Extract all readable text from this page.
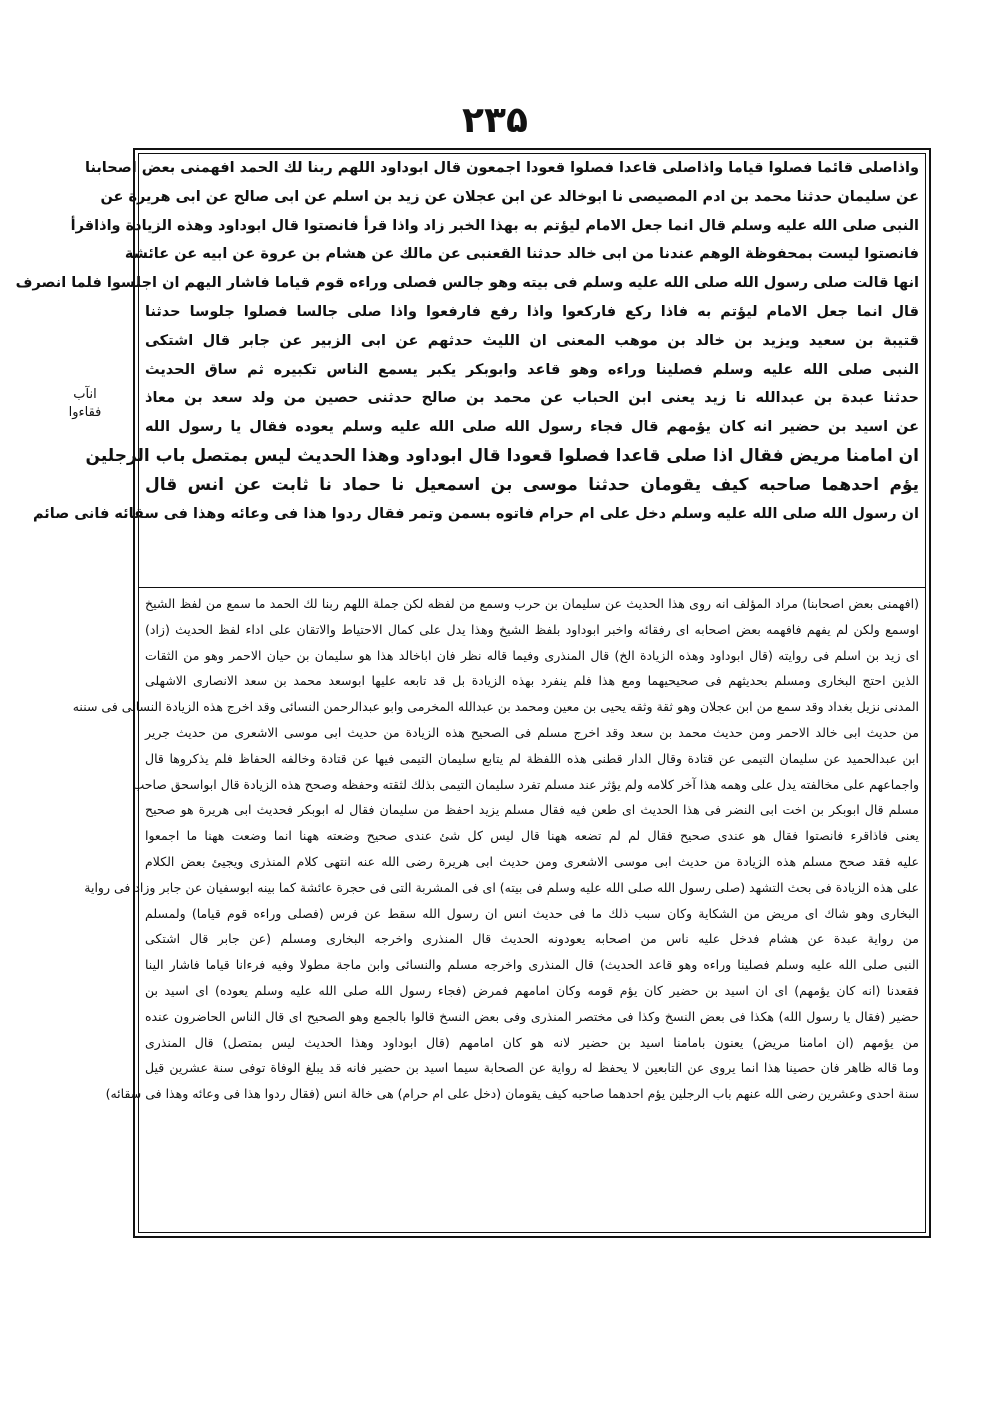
۲۳۵
انآب
فقاءوا
واذاصلی قائما فصلوا قیاما واذاصلی قاعدا فصلوا قعودا اجمعون قال ابوداود اللهم ربنا لك الحمد افهمنی بعض اصحابنا
عن سلیمان حدثنا محمد بن ادم المصیصی نا ابوخالد عن ابن عجلان عن زید بن اسلم عن ابی صالح عن ابی هریرة عن
النبی صلی الله علیه وسلم قال انما جعل الامام لیؤتم به بهذا الخبر زاد واذا قرأ فانصتوا قال ابوداود وهذه الزیادة واذاقرأ
فانصتوا لیست بمحفوظة الوهم عندنا من ابی خالد حدثنا القعنبی عن مالك عن هشام بن عروة عن ابیه عن عائشة
انها قالت صلی رسول الله صلی الله علیه وسلم فی بیته وهو جالس فصلی وراءه قوم قیاما فاشار الیهم ان اجلسوا فلما انصرف
قال انما جعل الامام لیؤتم به فاذا رکع فارکعوا واذا رفع فارفعوا واذا صلی جالسا فصلوا جلوسا حدثنا
قتیبة بن سعید ویزید بن خالد بن موهب المعنی ان اللیث حدثهم عن ابی الزبیر عن جابر قال اشتکی
النبی صلی الله علیه وسلم فصلینا وراءه وهو قاعد وابوبکر یکبر یسمع الناس تکبیره ثم ساق الحدیث
حدثنا عبدة بن عبدالله نا زید یعنی ابن الحباب عن محمد بن صالح حدثنی حصین من ولد سعد بن معاذ
عن اسید بن حضیر انه کان یؤمهم قال فجاء رسول الله صلی الله علیه وسلم یعوده فقال یا رسول الله
ان امامنا مریض فقال اذا صلی قاعدا فصلوا قعودا قال ابوداود وهذا الحدیث لیس بمتصل باب الرجلین
یؤم احدهما صاحبه کیف یقومان حدثنا موسی بن اسمعیل نا حماد نا ثابت عن انس قال
ان رسول الله صلی الله علیه وسلم دخل علی ام حرام فاتوه بسمن وتمر فقال ردوا هذا فی وعائه وهذا فی سقائه فانی صائم
(افهمنی بعض اصحابنا) مراد المؤلف انه روی هذا الحدیث عن سلیمان بن حرب وسمع من لفظه لکن جملة اللهم ربنا لك الحمد ما سمع من لفظ الشیخ
اوسمع ولکن لم یفهم فافهمه بعض اصحابه ای رفقائه واخبر ابوداود بلفظ الشیخ وهذا یدل علی کمال الاحتیاط والاتقان علی اداء لفظ الحدیث (زاد)
ای زید بن اسلم فی روایته (قال ابوداود وهذه الزیادة الخ) قال المنذری وفیما قاله نظر فان اباخالد هذا هو سلیمان بن حیان الاحمر وهو من الثقات
الذین احتج البخاری ومسلم بحدیثهم فی صحیحیهما ومع هذا فلم ینفرد بهذه الزیادة بل قد تابعه علیها ابوسعد محمد بن سعد الانصاری الاشهلی
المدنی نزیل بغداد وقد سمع من ابن عجلان وهو ثقة وثقه یحیی بن معین ومحمد بن عبدالله المخرمی وابو عبدالرحمن النسائی وقد اخرج هذه الزیادة النسائی فی سننه
من حدیث ابی خالد الاحمر ومن حدیث محمد بن سعد وقد اخرج مسلم فی الصحیح هذه الزیادة من حدیث ابی موسی الاشعری من حدیث جریر
ابن عبدالحمید عن سلیمان التیمی عن قتادة وقال الدار قطنی هذه اللفظة لم یتابع سلیمان التیمی فیها عن قتادة وخالفه الحفاظ فلم یذکروها قال
واجماعهم علی مخالفته یدل علی وهمه هذا آخر کلامه ولم یؤثر عند مسلم تفرد سلیمان التیمی بذلك لثقته وحفظه وصحح هذه الزیادة قال ابواسحق صاحب
مسلم قال ابوبکر بن اخت ابی النضر فی هذا الحدیث ای طعن فیه فقال مسلم یزید احفظ من سلیمان فقال له ابوبکر فحدیث ابی هریرة هو صحیح
یعنی فاذاقرء فانصتوا فقال هو عندی صحیح فقال لم لم تضعه ههنا قال لیس کل شئ عندی صحیح وضعته ههنا انما وضعت ههنا ما اجمعوا
علیه فقد صحح مسلم هذه الزیادة من حدیث ابی موسی الاشعری ومن حدیث ابی هریرة رضی الله عنه انتهی کلام المنذری ویجیئ بعض الکلام
علی هذه الزیادة فی بحث التشهد (صلی رسول الله صلی الله علیه وسلم فی بیته) ای فی المشربة التی فی حجرة عائشة کما بینه ابوسفیان عن جابر وزاد فی روایة
البخاری وهو شاك ای مریض من الشکایة وکان سبب ذلك ما فی حدیث انس ان رسول الله سقط عن فرس (فصلی وراءه قوم قیاما) ولمسلم
من روایة عبدة عن هشام فدخل علیه ناس من اصحابه یعودونه الحدیث قال المنذری واخرجه البخاری ومسلم (عن جابر قال اشتکی
النبی صلی الله علیه وسلم فصلینا وراءه وهو قاعد الحدیث) قال المنذری واخرجه مسلم والنسائی وابن ماجة مطولا وفیه فرءانا قیاما فاشار الینا
فقعدنا (انه کان یؤمهم) ای ان اسید بن حضیر کان یؤم قومه وکان امامهم فمرض (فجاء رسول الله صلی الله علیه وسلم یعوده) ای اسید بن
حضیر (فقال یا رسول الله) هکذا فی بعض النسخ وکذا فی مختصر المنذری وفی بعض النسخ قالوا بالجمع وهو الصحیح ای قال الناس الحاضرون عنده
من یؤمهم (ان امامنا مریض) یعنون بامامنا اسید بن حضیر لانه هو کان امامهم (قال ابوداود وهذا الحدیث لیس بمتصل) قال المنذری
وما قاله ظاهر فان حصینا هذا انما یروی عن التابعین لا یحفظ له روایة عن الصحابة سیما اسید بن حضیر فانه قد یبلغ الوفاة توفی سنة عشرین قیل
سنة احدی وعشرین رضی الله عنهم باب الرجلین یؤم احدهما صاحبه کیف یقومان (دخل علی ام حرام) هی خالة انس (فقال ردوا هذا فی وعائه وهذا فی سقائه)
